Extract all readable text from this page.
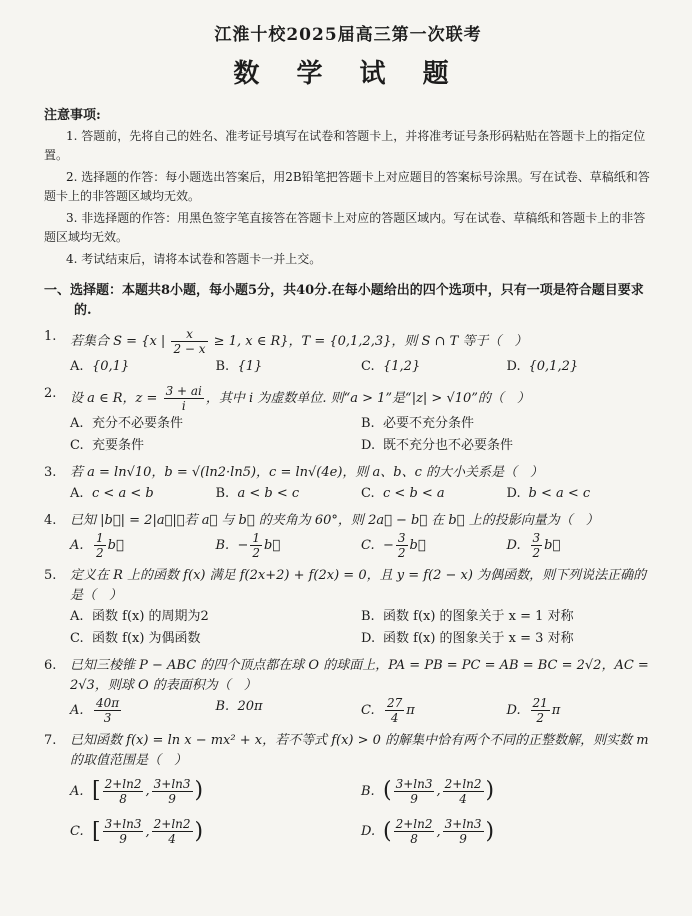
江淮十校2025届高三第一次联考
数 学 试 题
注意事项:
1. 答题前，先将自己的姓名、准考证号填写在试卷和答题卡上，并将准考证号条形码粘贴在答题卡上的指定位置。
2. 选择题的作答：每小题选出答案后，用2B铅笔把答题卡上对应题目的答案标号涂黑。写在试卷、草稿纸和答题卡上的非答题区域均无效。
3. 非选择题的作答：用黑色签字笔直接答在答题卡上对应的答题区域内。写在试卷、草稿纸和答题卡上的非答题区域均无效。
4. 考试结束后，请将本试卷和答题卡一并上交。
一、选择题：本题共8小题，每小题5分，共40分.在每小题给出的四个选项中，只有一项是符合题目要求的.
1.	若集合 S = {x | $\frac{x}{2 - x} \ge 1$, x ∈ R}，T = {0,1,2,3}，则 S ∩ T 等于（　）
A. {0,1}	B. {1}	C. {1,2}	D. {0,1,2}
2.	设 a ∈ R，$z = \frac{3 + ai}{i}$ ，其中 i 为虚数单位. 则“a > 1”是“|z| > √10”的（　）
A. 充分不必要条件	B. 必要不充分条件
C. 充要条件	D. 既不充分也不必要条件
3.	若 a = ln√10，b = √(ln2·ln5)，c = ln√(4e)，则 a、b、c 的大小关系是（　）
A. c < a < b	B. a < b < c	C. c < b < a	D. b < a < c
4.	已知 |b⃗| = 2|a⃗|，若 a⃗ 与 b⃗ 的夹角为 60°，则 2a⃗ − b⃗ 在 b⃗ 上的投影向量为（　）
A. $\frac{1}{2}$ b⃗	B. − $\frac{1}{2}$ b⃗	C. − $\frac{3}{2}$ b⃗	D. $\frac{3}{2}$ b⃗
5.	定义在 R 上的函数 f(x) 满足 f(2x+2) + f(2x) = 0，且 y = f(2 − x) 为偶函数，则下列说法正确的是（　）
A. 函数 f(x) 的周期为2	B. 函数 f(x) 的图象关于 x = 1 对称
C. 函数 f(x) 为偶函数	D. 函数 f(x) 的图象关于 x = 3 对称
6.	已知三棱锥 P − ABC 的四个顶点都在球 O 的球面上，PA = PB = PC = AB = BC = 2√2，AC = 2√3，则球 O 的表面积为（　）
A. $\frac{40\pi}{3}$	B. 20π	C. $\frac{27}{4}$ π	D. $\frac{21}{2}$ π
7.	已知函数 f(x) = ln x − mx² + x，若不等式 f(x) > 0 的解集中恰有两个不同的正整数解，则实数 m 的取值范围是（　）
A. [ $\frac{2+\ln 2}{8}$ , $\frac{3+\ln 3}{9}$ )	B. ( $\frac{3+\ln 3}{9}$ , $\frac{2+\ln 2}{4}$ )
C. [ $\frac{3+\ln 3}{9}$ , $\frac{2+\ln 2}{4}$ )	D. ( $\frac{2+\ln 2}{8}$ , $\frac{3+\ln 3}{9}$ )
